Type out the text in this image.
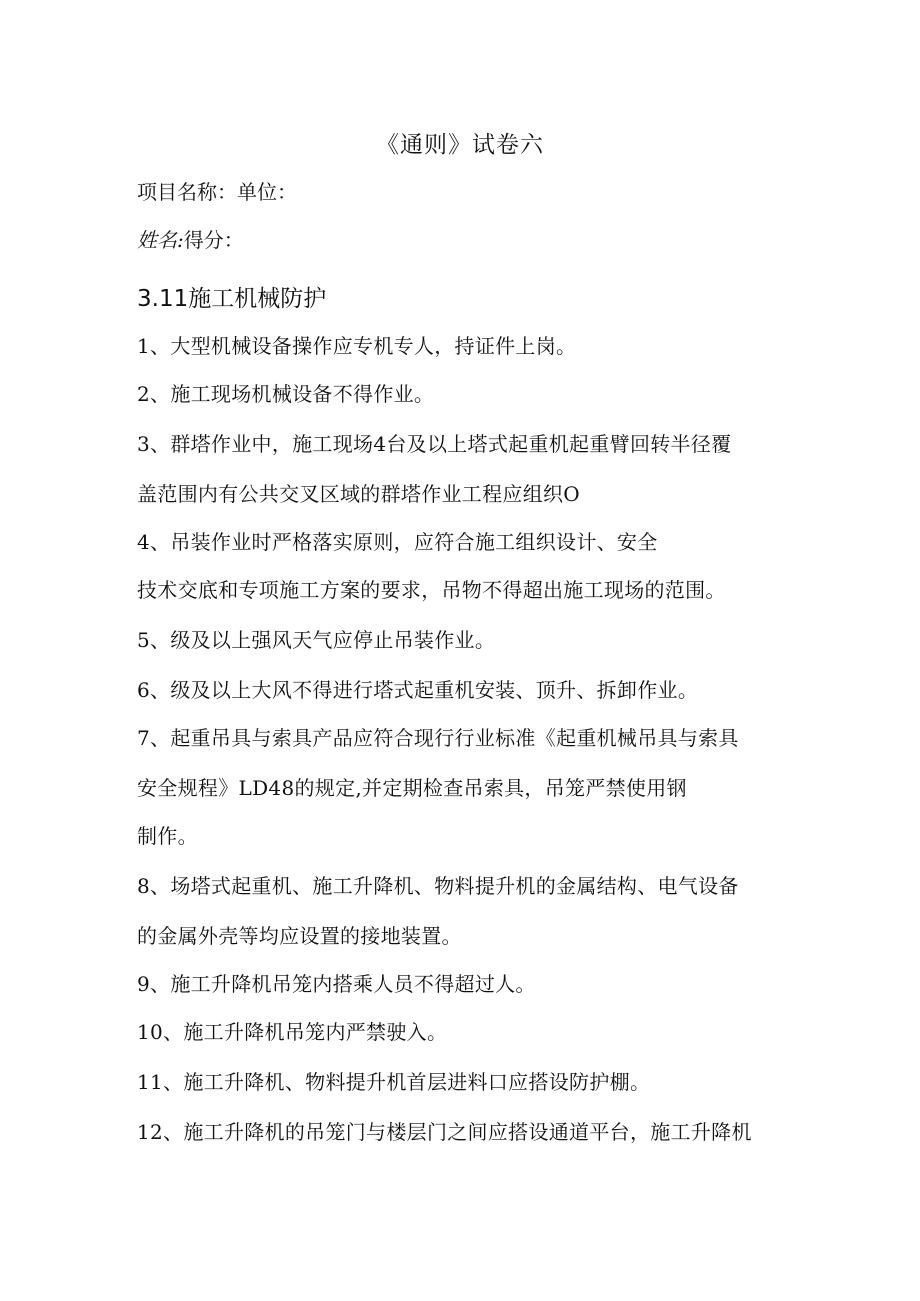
《通则》试卷六
项目名称：单位：
姓名:得分：
3.11施工机械防护
1、大型机械设备操作应专机专人，持证件上岗。
2、施工现场机械设备不得作业。
3、群塔作业中，施工现场4台及以上塔式起重机起重臂回转半径覆
盖范围内有公共交叉区域的群塔作业工程应组织O
4、吊装作业时严格落实原则，应符合施工组织设计、安全
技术交底和专项施工方案的要求，吊物不得超出施工现场的范围。
5、级及以上强风天气应停止吊装作业。
6、级及以上大风不得进行塔式起重机安装、顶升、拆卸作业。
7、起重吊具与索具产品应符合现行行业标准《起重机械吊具与索具
安全规程》LD48的规定,并定期检查吊索具，吊笼严禁使用钢
制作。
8、场塔式起重机、施工升降机、物料提升机的金属结构、电气设备
的金属外壳等均应设置的接地装置。
9、施工升降机吊笼内搭乘人员不得超过人。
10、施工升降机吊笼内严禁驶入。
11、施工升降机、物料提升机首层进料口应搭设防护棚。
12、施工升降机的吊笼门与楼层门之间应搭设通道平台，施工升降机
